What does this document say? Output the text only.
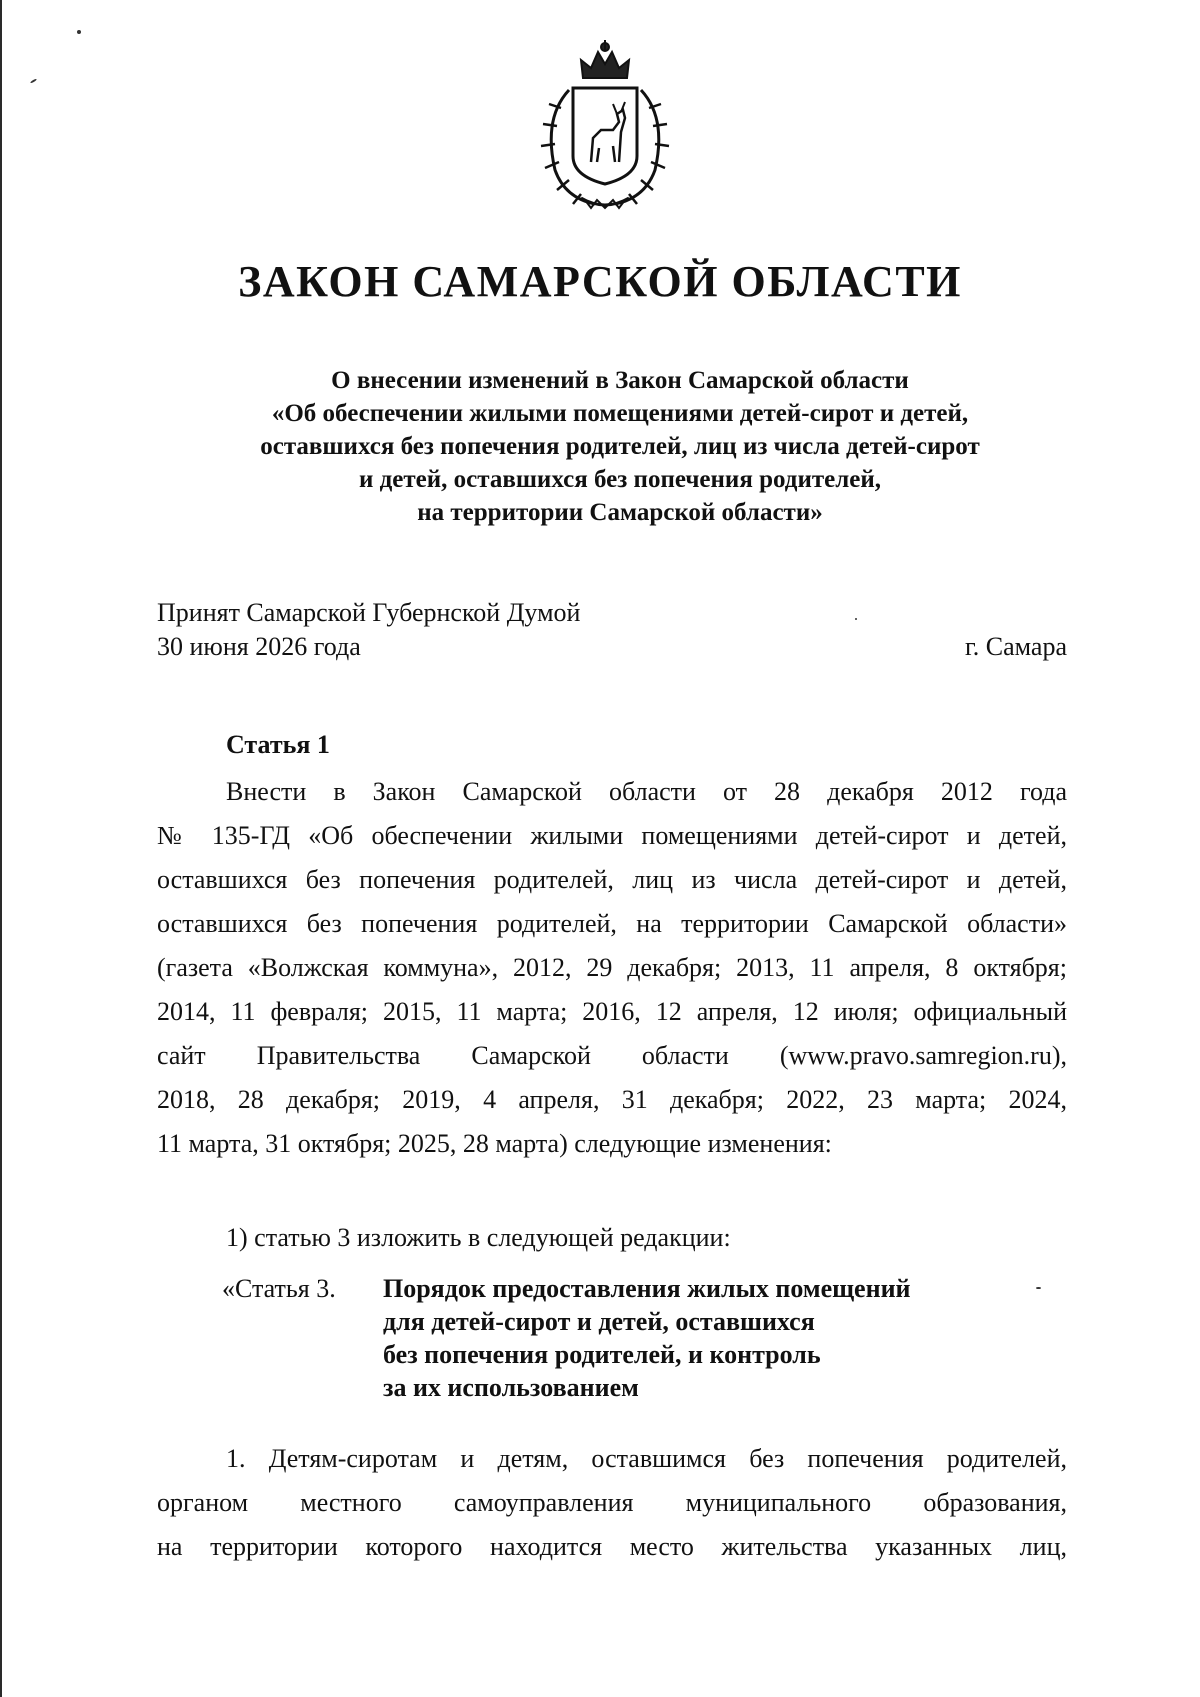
ЗАКОН САМАРСКОЙ ОБЛАСТИ
О внесении изменений в Закон Самарской области
«Об обеспечении жилыми помещениями детей-сирот и детей,
оставшихся без попечения родителей, лиц из числа детей-сирот
и детей, оставшихся без попечения родителей,
на территории Самарской области»
Принят Самарской Губернской Думой
30 июня 2026 года	г. Самара
Статья 1
Внести в Закон Самарской области от 28 декабря 2012 года
№ 135-ГД «Об обеспечении жилыми помещениями детей-сирот и детей,
оставшихся без попечения родителей, лиц из числа детей-сирот и детей,
оставшихся без попечения родителей, на территории Самарской области»
(газета «Волжская коммуна», 2012, 29 декабря; 2013, 11 апреля, 8 октября;
2014, 11 февраля; 2015, 11 марта; 2016, 12 апреля, 12 июля; официальный
сайт Правительства Самарской области (www.pravo.samregion.ru),
2018, 28 декабря; 2019, 4 апреля, 31 декабря; 2022, 23 марта; 2024,
11 марта, 31 октября; 2025, 28 марта) следующие изменения:
1) статью 3 изложить в следующей редакции:
«Статья 3. Порядок предоставления жилых помещений
для детей-сирот и детей, оставшихся
без попечения родителей, и контроль
за их использованием
1. Детям-сиротам и детям, оставшимся без попечения родителей,
органом местного самоуправления муниципального образования,
на территории которого находится место жительства указанных лиц,
